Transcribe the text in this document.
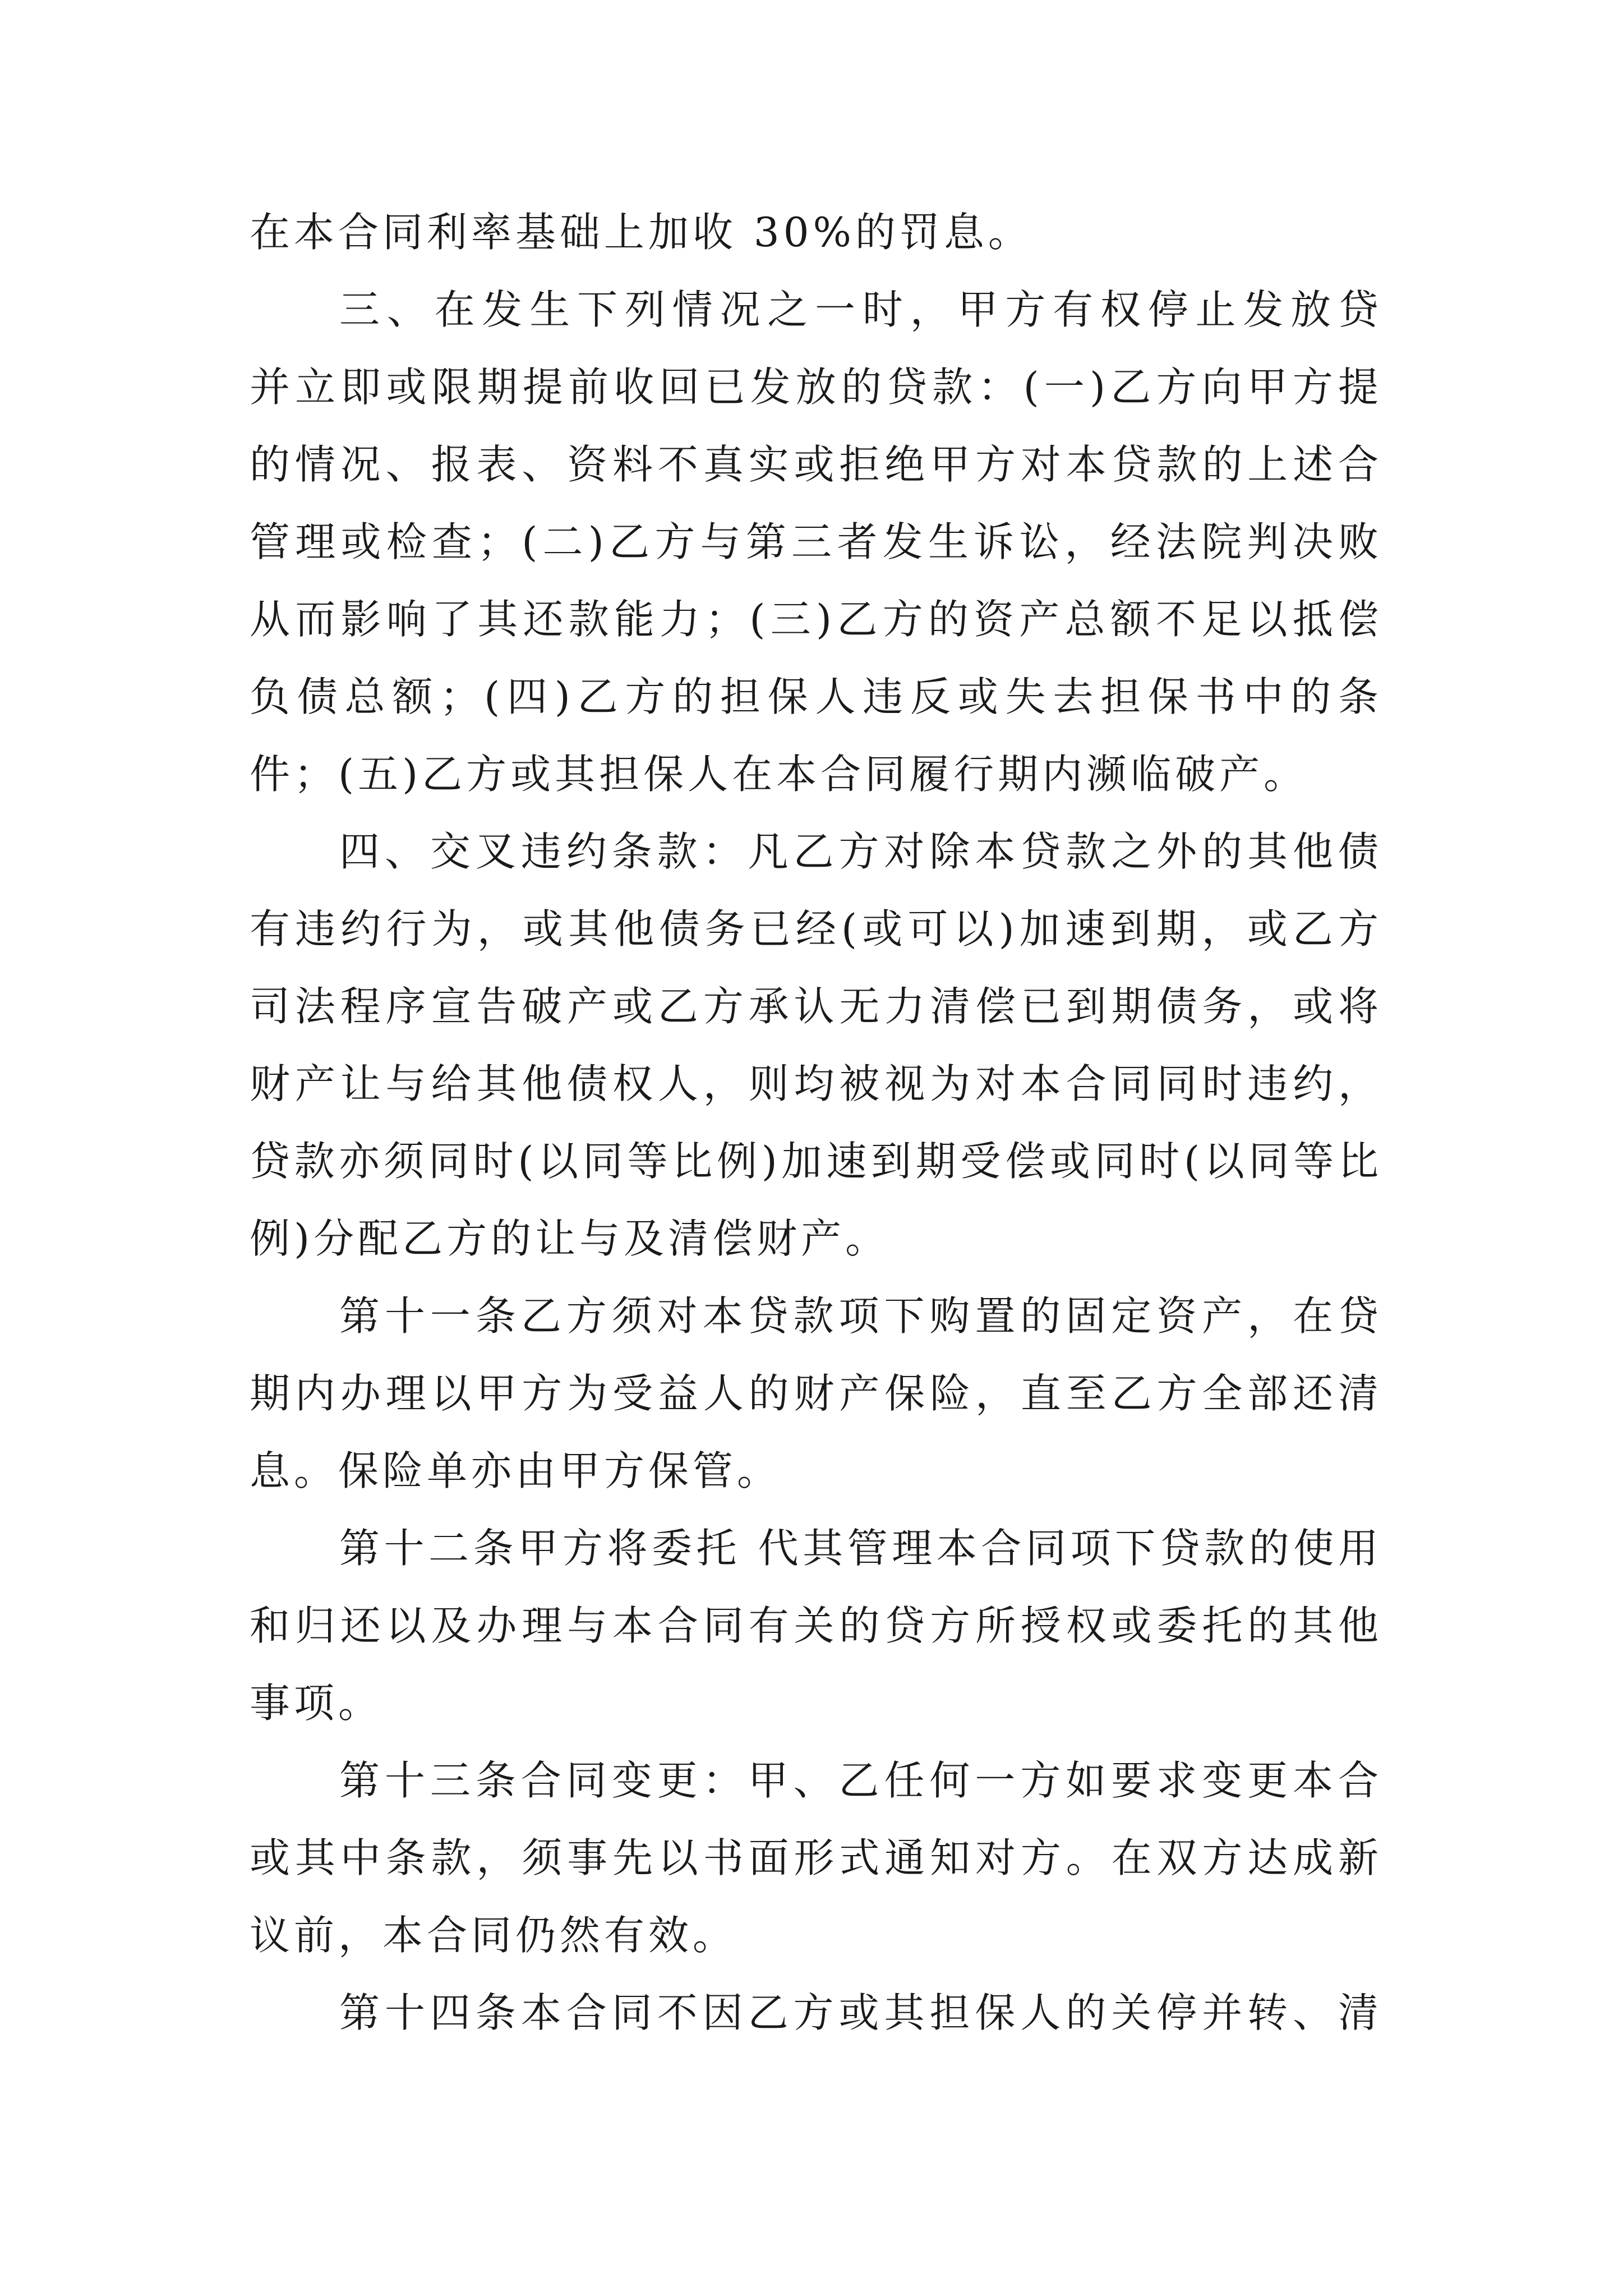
在本合同利率基础上加收 30%的罚息。
三、在发生下列情况之一时，甲方有权停止发放贷
并立即或限期提前收回已发放的贷款：(一)乙方向甲方提
的情况、报表、资料不真实或拒绝甲方对本贷款的上述合
管理或检查；(二)乙方与第三者发生诉讼，经法院判决败
从而影响了其还款能力；(三)乙方的资产总额不足以抵偿
负债总额；(四)乙方的担保人违反或失去担保书中的条
件；(五)乙方或其担保人在本合同履行期内濒临破产。
四、交叉违约条款：凡乙方对除本贷款之外的其他债
有违约行为，或其他债务已经(或可以)加速到期，或乙方
司法程序宣告破产或乙方承认无力清偿已到期债务，或将
财产让与给其他债权人，则均被视为对本合同同时违约，
贷款亦须同时(以同等比例)加速到期受偿或同时(以同等比
例)分配乙方的让与及清偿财产。
第十一条乙方须对本贷款项下购置的固定资产，在贷
期内办理以甲方为受益人的财产保险，直至乙方全部还清
息。保险单亦由甲方保管。
第十二条甲方将委托 代其管理本合同项下贷款的使用
和归还以及办理与本合同有关的贷方所授权或委托的其他
事项。
第十三条合同变更：甲、乙任何一方如要求变更本合
或其中条款，须事先以书面形式通知对方。在双方达成新
议前，本合同仍然有效。
第十四条本合同不因乙方或其担保人的关停并转、清
